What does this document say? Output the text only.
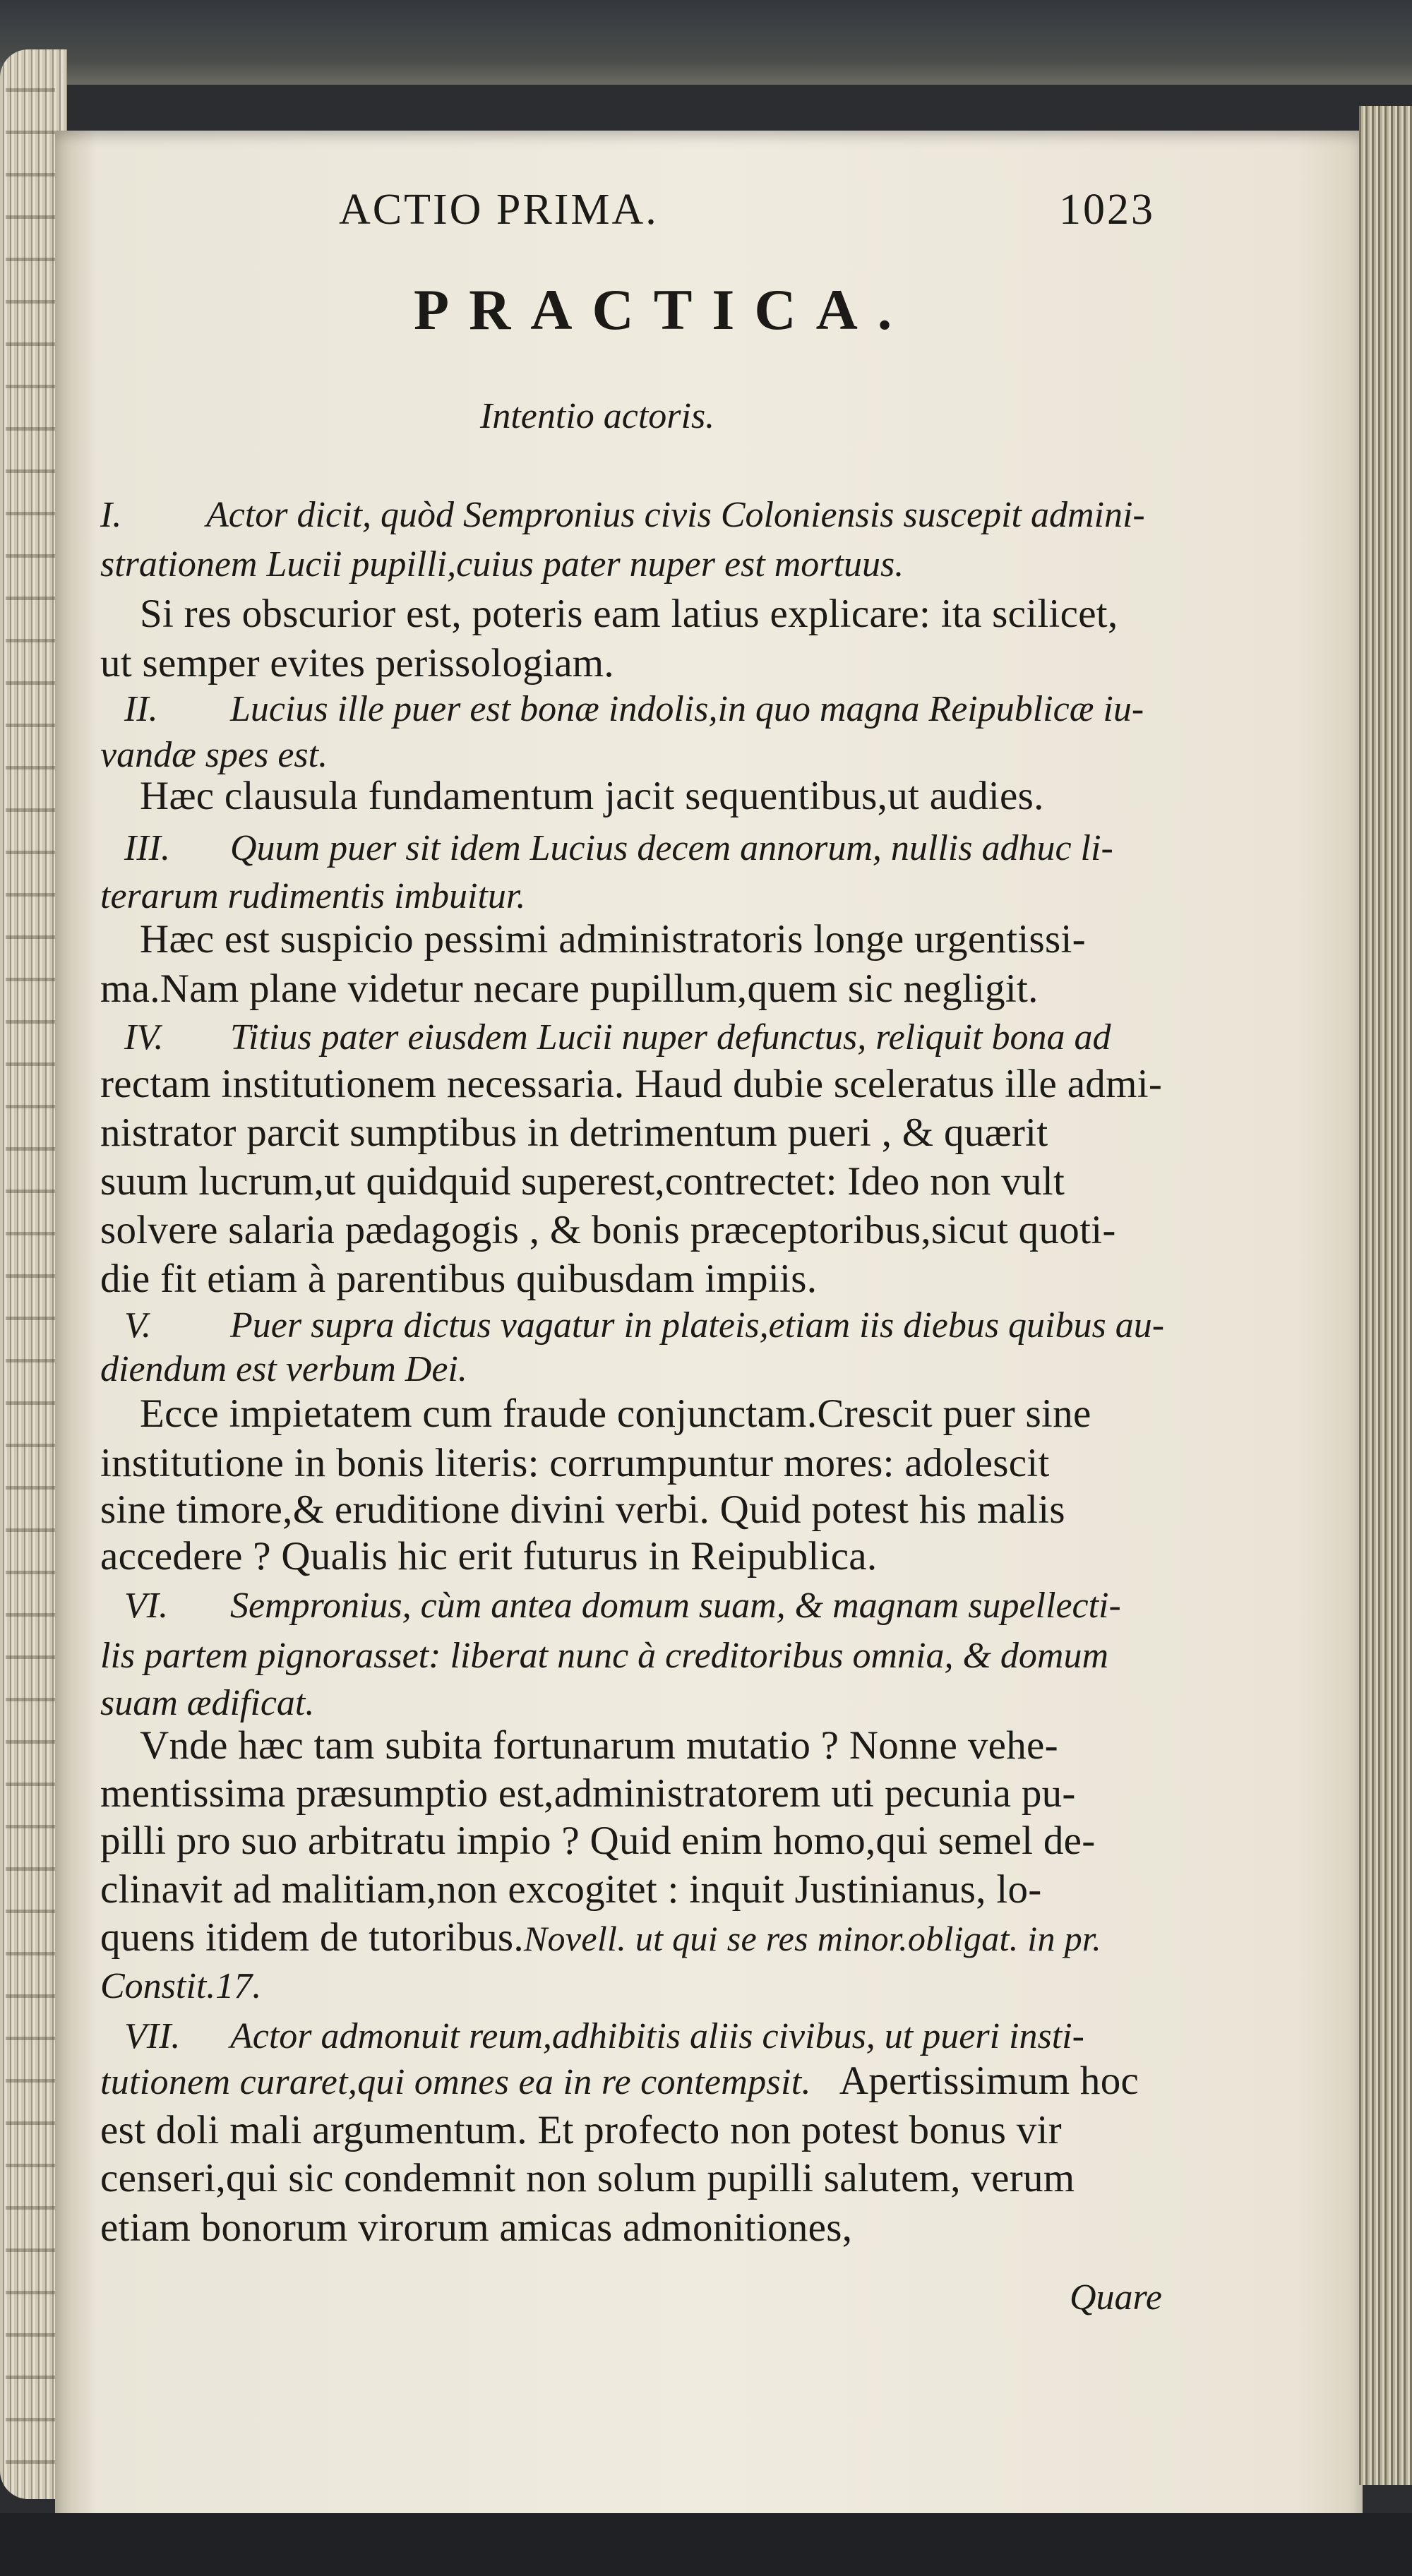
ACTIO PRIMA.	1023
PRACTICA.
Intentio actoris.
I. Actor dicit, quòd Sempronius civis Coloniensis suscepit admini-
strationem Lucii pupilli,cuius pater nuper est mortuus.
Si res obscurior est, poteris eam latius explicare: ita scilicet,
ut semper evites perissologiam.
II. Lucius ille puer est bonæ indolis,in quo magna Reipublicæ iu-
vandæ spes est.
Hæc clausula fundamentum jacit sequentibus,ut audies.
III. Quum puer sit idem Lucius decem annorum, nullis adhuc li-
terarum rudimentis imbuitur.
Hæc est suspicio pessimi administratoris longe urgentissi-
ma.Nam plane videtur necare pupillum,quem sic negligit.
IV. Titius pater eiusdem Lucii nuper defunctus, reliquit bona ad
rectam institutionem necessaria. Haud dubie sceleratus ille admi-
nistrator parcit sumptibus in detrimentum pueri , & quærit
suum lucrum,ut quidquid superest,contrectet: Ideo non vult
solvere salaria pædagogis , & bonis præceptoribus,sicut quoti-
die fit etiam à parentibus quibusdam impiis.
V. Puer supra dictus vagatur in plateis,etiam iis diebus quibus au-
diendum est verbum Dei.
Ecce impietatem cum fraude conjunctam.Crescit puer sine
institutione in bonis literis: corrumpuntur mores: adolescit
sine timore,& eruditione divini verbi. Quid potest his malis
accedere ? Qualis hic erit futurus in Reipublica.
VI. Sempronius, cùm antea domum suam, & magnam supellecti-
lis partem pignorasset: liberat nunc à creditoribus omnia, & domum
suam ædificat.
Vnde hæc tam subita fortunarum mutatio ? Nonne vehe-
mentissima præsumptio est,administratorem uti pecunia pu-
pilli pro suo arbitratu impio ? Quid enim homo,qui semel de-
clinavit ad malitiam,non excogitet : inquit Justinianus, lo-
quens itidem de tutoribus.Novell. ut qui se res minor.obligat. in pr.
Constit.17.
VII. Actor admonuit reum,adhibitis aliis civibus, ut pueri insti-
tutionem curaret,qui omnes ea in re contempsit. Apertissimum hoc
est doli mali argumentum. Et profecto non potest bonus vir
censeri,qui sic condemnit non solum pupilli salutem, verum
etiam bonorum virorum amicas admonitiones,
Quare
